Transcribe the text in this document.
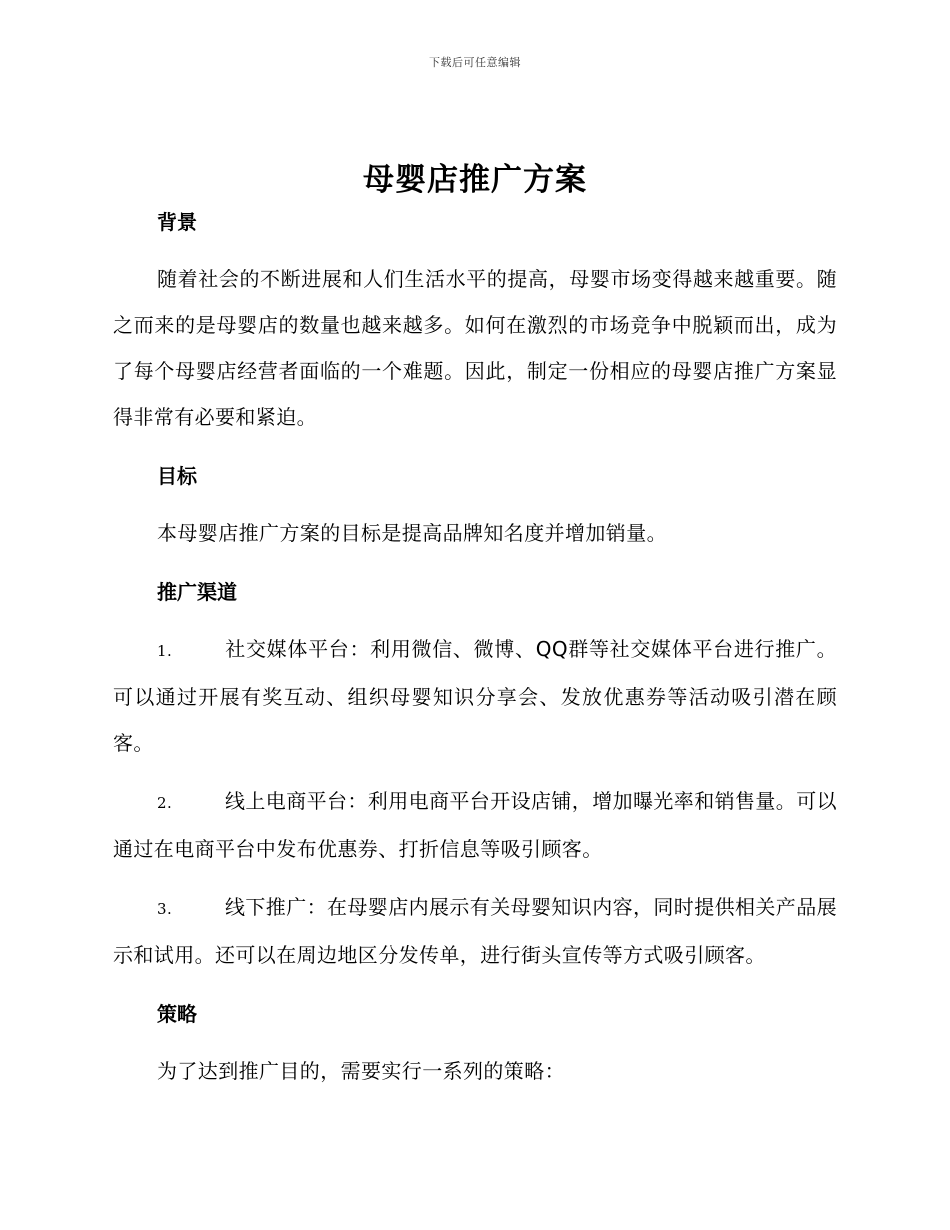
下载后可任意编辑
母婴店推广方案
背景

随着社会的不断进展和人们生活水平的提高，母婴市场变得越来越重要。随之而来的是母婴店的数量也越来越多。如何在激烈的市场竞争中脱颖而出，成为了每个母婴店经营者面临的一个难题。因此，制定一份相应的母婴店推广方案显得非常有必要和紧迫。

目标

本母婴店推广方案的目标是提高品牌知名度并增加销量。

推广渠道

1.	社交媒体平台：利用微信、微博、QQ群等社交媒体平台进行推广。可以通过开展有奖互动、组织母婴知识分享会、发放优惠券等活动吸引潜在顾客。

2.	线上电商平台：利用电商平台开设店铺，增加曝光率和销售量。可以通过在电商平台中发布优惠券、打折信息等吸引顾客。

3.	线下推广：在母婴店内展示有关母婴知识内容，同时提供相关产品展示和试用。还可以在周边地区分发传单，进行街头宣传等方式吸引顾客。

策略

为了达到推广目的，需要实行一系列的策略：
